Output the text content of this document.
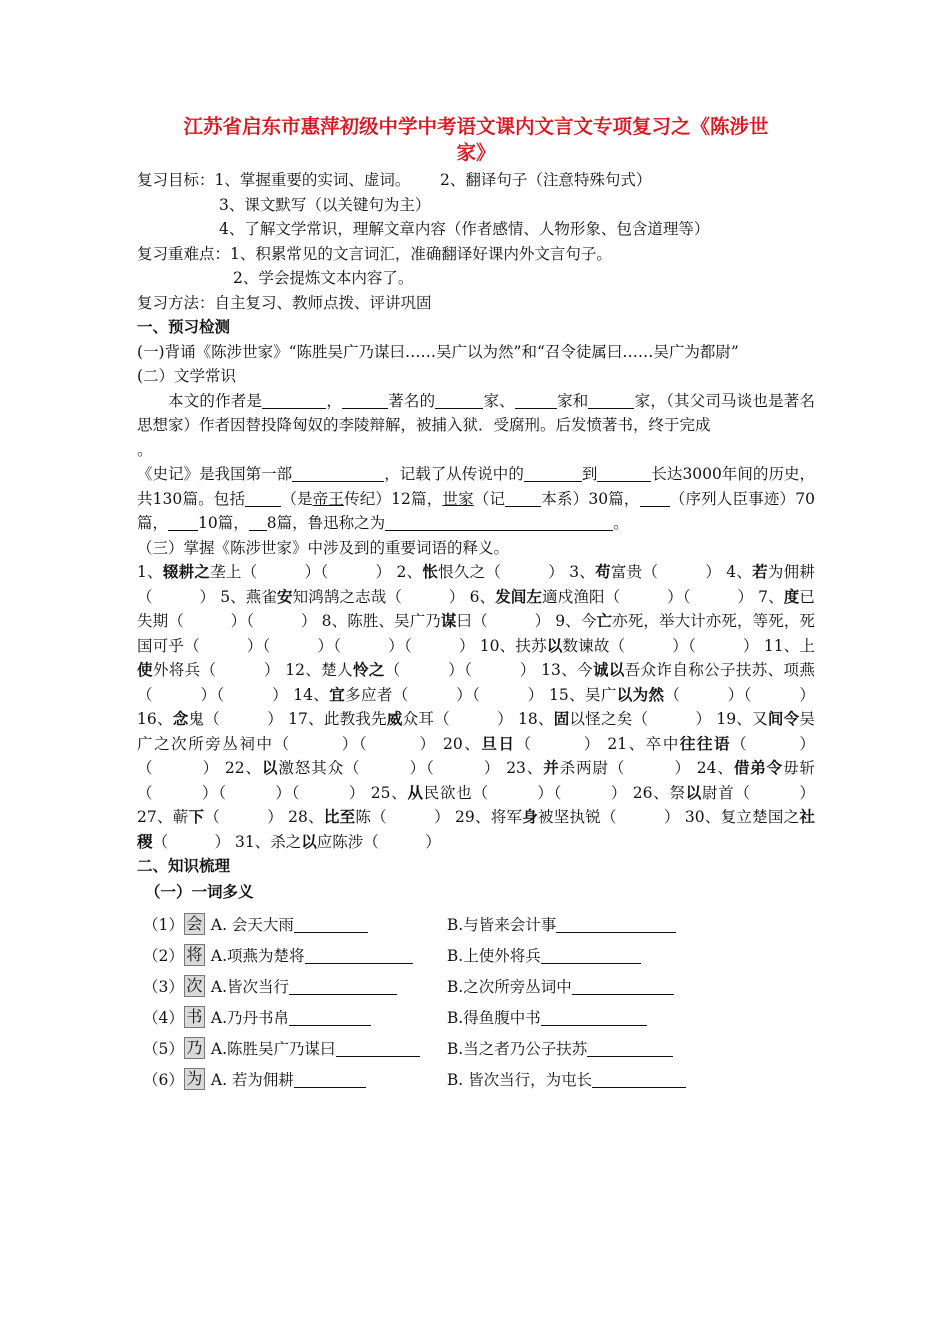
江苏省启东市惠萍初级中学中考语文课内文言文专项复习之《陈涉世
家》
复习目标：1、掌握重要的实词、虚词。 2、翻译句子（注意特殊句式）
3、课文默写（以关键句为主）
4、了解文学常识，理解文章内容（作者感情、人物形象、包含道理等）
复习重难点：1、积累常见的文言词汇，准确翻译好课内外文言句子。
2、学会提炼文本内容了。
复习方法：自主复习、教师点拨、评讲巩固
一、预习检测
(一)背诵《陈涉世家》“陈胜吴广乃谋曰……吴广以为然”和“召令徒属曰……吴广为都尉”
(二）文学常识
本文的作者是	，	著名的	家、	家和	家，（其父司马谈也是著名思想家）作者因替投降匈奴的李陵辩解，被捕入狱．受腐刑。后发愤著书，终于完成
。
《史记》是我国第一部	，记载了从传说中的	到	长达3000年间的历史，共130篇。包括 （是帝王传纪）12篇，世家（记 本系）30篇， （序列人臣事迹）70篇， 10篇， 8篇，鲁迅称之为	。
（三）掌握《陈涉世家》中涉及到的重要词语的释义。
1、辍耕之垄上（　　　）（　　　） 2、怅恨久之（　　　） 3、苟富贵（　　　） 4、若为佣耕（　　　） 5、燕雀安知鸿鹄之志哉（　　　） 6、发闾左適戍渔阳（　　　）（　　　） 7、度已失期（　　　）（　　　） 8、陈胜、吴广乃谋曰（　　　） 9、今亡亦死，举大计亦死，等死，死国可乎（　　　）（　　　）（　　　）（　　　） 10、扶苏以数谏故（　　　）（　　　） 11、上使外将兵（　　　） 12、楚人怜之（　　　）（　　　） 13、今诚以吾众诈自称公子扶苏、项燕（　　　）（　　　） 14、宜多应者（　　　）（　　　） 15、吴广以为然（　　　）（　　　） 16、念鬼（　　　） 17、此教我先威众耳（　　　） 18、固以怪之矣（　　　） 19、又间令吴广之次所旁丛祠中（　　　）（　　　） 20、旦日（　　　） 21、卒中往往语（　　　）（　　　） 22、以激怒其众（　　　）（　　　） 23、并杀两尉（　　　） 24、借弟令毋斩（　　　）（　　　）（　　　） 25、从民欲也（　　　）（　　　） 26、祭以尉首（　　　） 27、蕲下（　　　） 28、比至陈（　　　） 29、将军身被坚执锐（　　　） 30、复立楚国之社稷（　　　） 31、杀之以应陈涉（　　　）
二、知识梳理
（一）一词多义
（1）	会	A. 会天大雨	B.与皆来会计事
（2）	将	A.项燕为楚将	B.上使外将兵
（3）	次	A.皆次当行	B.之次所旁丛词中
（4）	书	A.乃丹书帛	B.得鱼腹中书
（5）	乃	A.陈胜吴广乃谋曰	B.当之者乃公子扶苏
（6）	为	A. 若为佣耕	B. 皆次当行，为屯长
